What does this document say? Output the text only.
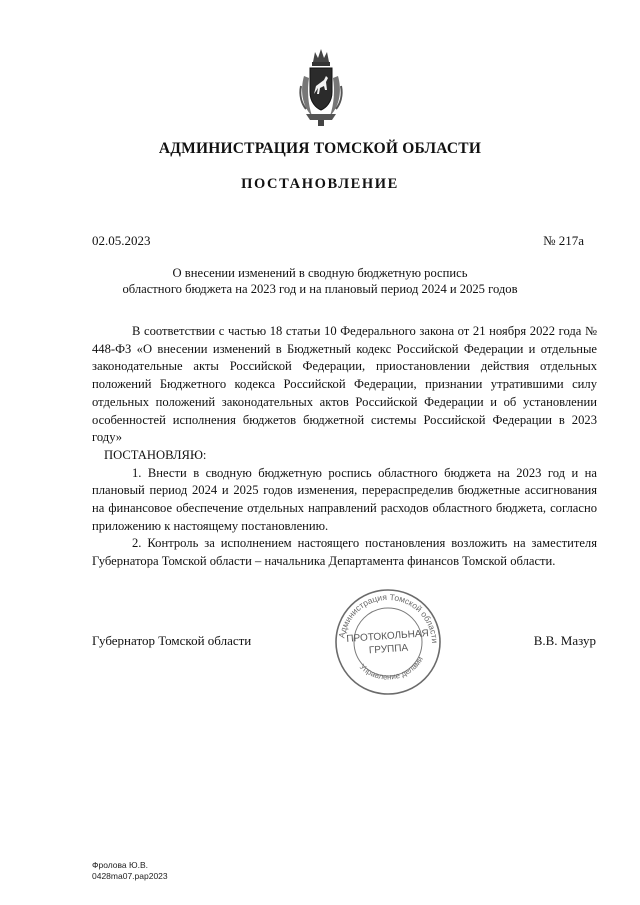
АДМИНИСТРАЦИЯ ТОМСКОЙ ОБЛАСТИ
ПОСТАНОВЛЕНИЕ
02.05.2023	№ 217а
О внесении изменений в сводную бюджетную роспись
областного бюджета на 2023 год и на плановый период 2024 и 2025 годов

В соответствии с частью 18 статьи 10 Федерального закона от 21 ноября 2022 года № 448-ФЗ «О внесении изменений в Бюджетный кодекс Российской Федерации и отдельные законодательные акты Российской Федерации, приостановлении действия отдельных положений Бюджетного кодекса Российской Федерации, признании утратившими силу отдельных положений законодательных актов Российской Федерации и об установлении особенностей исполнения бюджетов бюджетной системы Российской Федерации в 2023 году»

ПОСТАНОВЛЯЮ:

1. Внести в сводную бюджетную роспись областного бюджета на 2023 год и на плановый период 2024 и 2025 годов изменения, перераспределив бюджетные ассигнования на финансовое обеспечение отдельных направлений расходов областного бюджета, согласно приложению к настоящему постановлению.

2. Контроль за исполнением настоящего постановления возложить на заместителя Губернатора Томской области – начальника Департамента финансов Томской области.

Губернатор Томской области	В.В. Мазур
Администрация Томской области
Управление делами
ПРОТОКОЛЬНАЯ
ГРУППА
Фролова Ю.В.
0428ma07.рар2023
